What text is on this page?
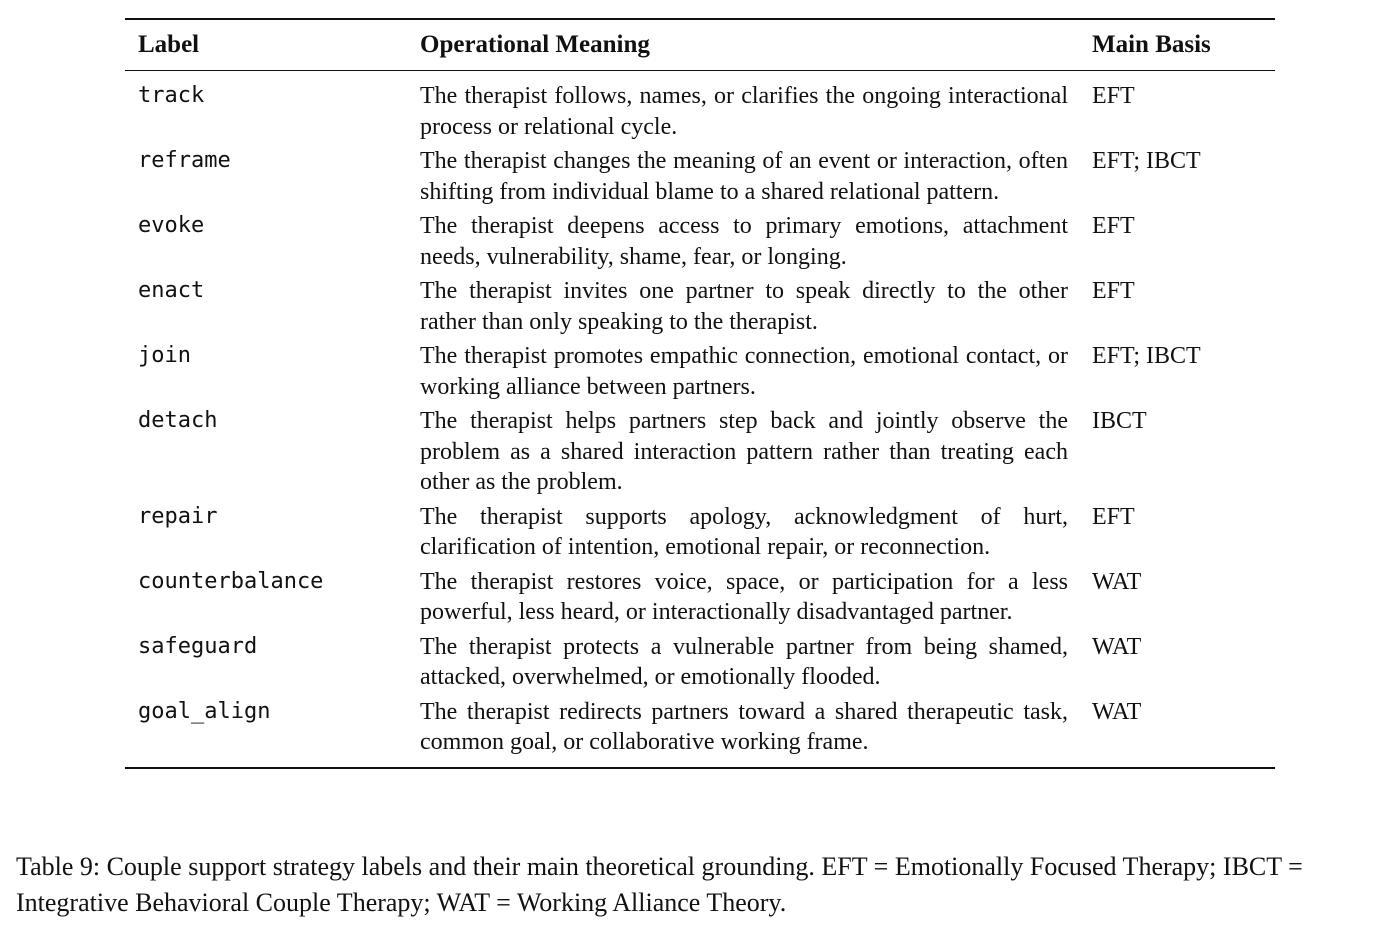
Label	Operational Meaning	Main Basis
track	The therapist follows, names, or clarifies the ongoing interactional process or relational cycle.	EFT
reframe	The therapist changes the meaning of an event or interaction, often shifting from individual blame to a shared relational pattern.	EFT; IBCT
evoke	The therapist deepens access to primary emotions, attachment needs, vulnerability, shame, fear, or longing.	EFT
enact	The therapist invites one partner to speak directly to the other rather than only speaking to the therapist.	EFT
join	The therapist promotes empathic connection, emotional contact, or working alliance between partners.	EFT; IBCT
detach	The therapist helps partners step back and jointly observe the problem as a shared interaction pattern rather than treating each other as the problem.	IBCT
repair	The therapist supports apology, acknowledgment of hurt, clarification of intention, emotional repair, or reconnection.	EFT
counterbalance	The therapist restores voice, space, or participation for a less powerful, less heard, or interactionally disadvantaged partner.	WAT
safeguard	The therapist protects a vulnerable partner from being shamed, attacked, overwhelmed, or emotionally flooded.	WAT
goal_align	The therapist redirects partners toward a shared therapeutic task, common goal, or collaborative working frame.	WAT

Table 9: Couple support strategy labels and their main theoretical grounding. EFT = Emotionally Focused Therapy; IBCT = Integrative Behavioral Couple Therapy; WAT = Working Alliance Theory.
